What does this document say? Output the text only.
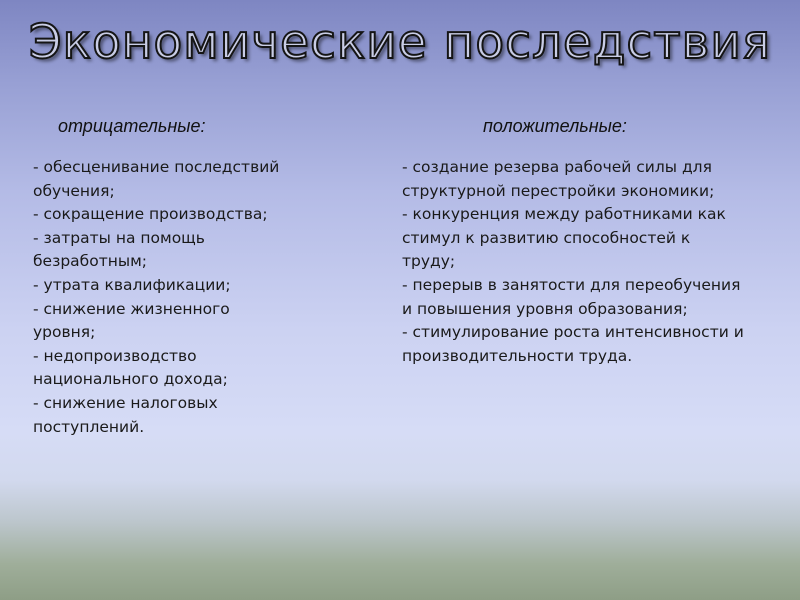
Экономические последствия
отрицательные:	положительные:

- обесценивание последствий
обучения;
- сокращение производства;
- затраты на помощь
безработным;
- утрата квалификации;
- снижение жизненного
уровня;
- недопроизводство
национального дохода;
- снижение налоговых
поступлений.

- создание резерва рабочей силы для
структурной перестройки экономики;
- конкуренция между работниками как
стимул к развитию способностей к
труду;
- перерыв в занятости для переобучения
и повышения уровня образования;
- стимулирование роста интенсивности и
производительности труда.
